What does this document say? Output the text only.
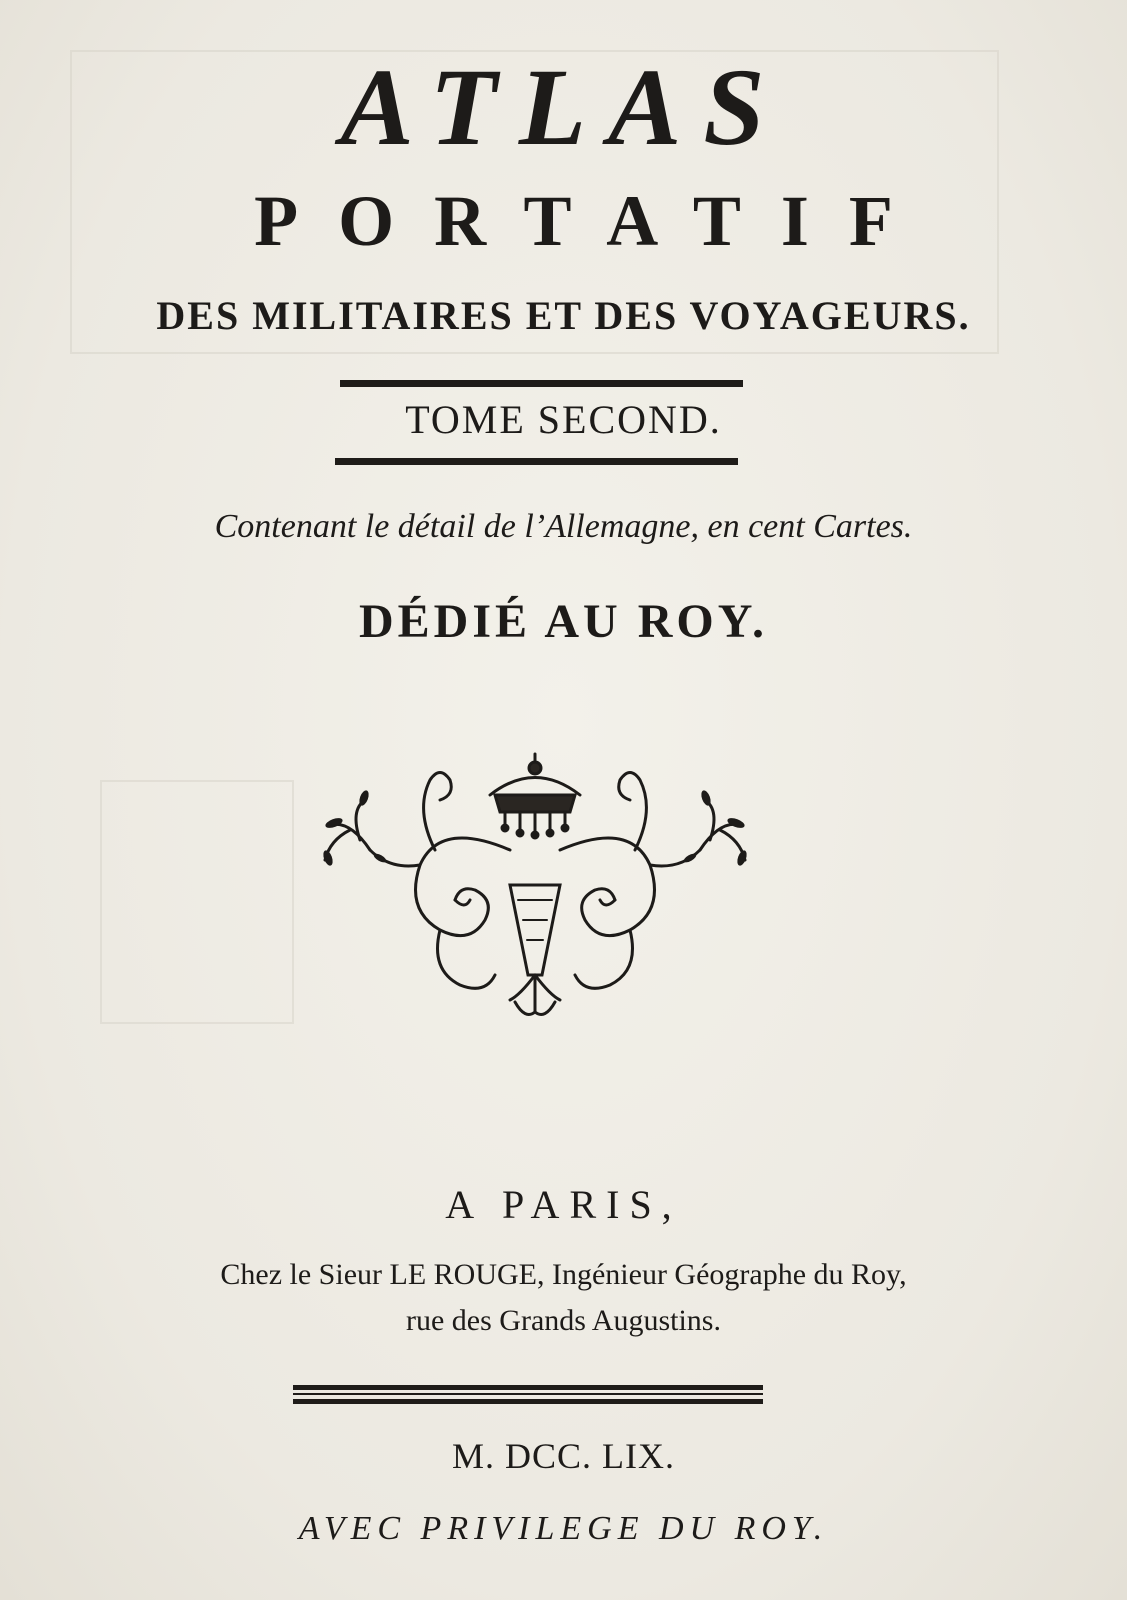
ATLAS
PORTATIF
DES MILITAIRES ET DES VOYAGEURS.
TOME SECOND.
Contenant le détail de l’Allemagne, en cent Cartes.
DÉDIÉ AU ROY.
A PARIS,
Chez le Sieur LE ROUGE, Ingénieur Géographe du Roy,
rue des Grands Augustins.
M. DCC. LIX.
AVEC PRIVILEGE DU ROY.
